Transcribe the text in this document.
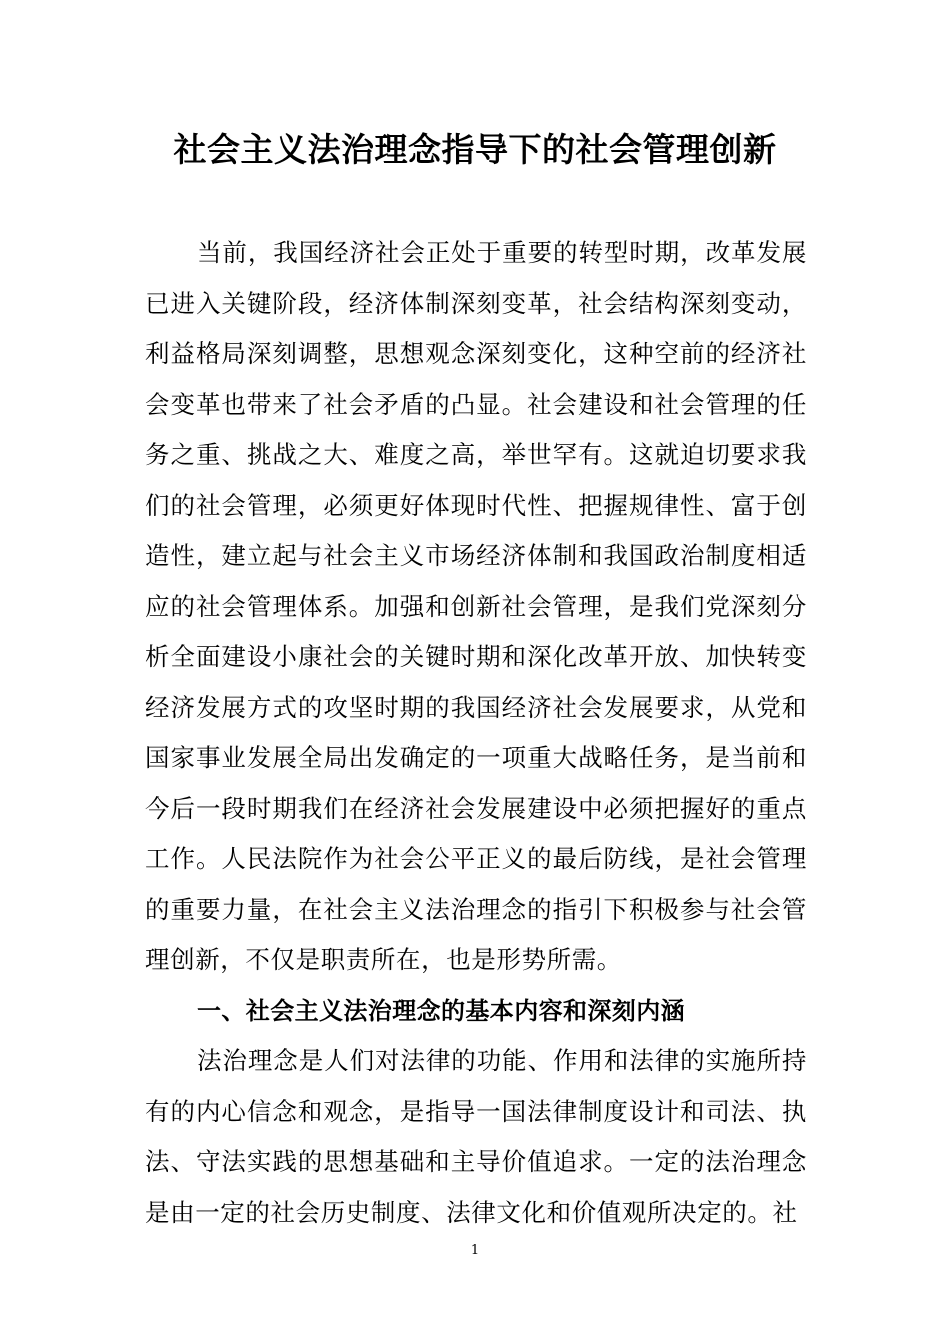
社会主义法治理念指导下的社会管理创新

当前，我国经济社会正处于重要的转型时期，改革发展已进入关键阶段，经济体制深刻变革，社会结构深刻变动，利益格局深刻调整，思想观念深刻变化，这种空前的经济社会变革也带来了社会矛盾的凸显。社会建设和社会管理的任务之重、挑战之大、难度之高，举世罕有。这就迫切要求我们的社会管理，必须更好体现时代性、把握规律性、富于创造性，建立起与社会主义市场经济体制和我国政治制度相适应的社会管理体系。加强和创新社会管理，是我们党深刻分析全面建设小康社会的关键时期和深化改革开放、加快转变经济发展方式的攻坚时期的我国经济社会发展要求，从党和国家事业发展全局出发确定的一项重大战略任务，是当前和今后一段时期我们在经济社会发展建设中必须把握好的重点工作。人民法院作为社会公平正义的最后防线，是社会管理的重要力量，在社会主义法治理念的指引下积极参与社会管理创新，不仅是职责所在，也是形势所需。

一、社会主义法治理念的基本内容和深刻内涵

法治理念是人们对法律的功能、作用和法律的实施所持有的内心信念和观念，是指导一国法律制度设计和司法、执法、守法实践的思想基础和主导价值追求。一定的法治理念是由一定的社会历史制度、法律文化和价值观所决定的。社

1
